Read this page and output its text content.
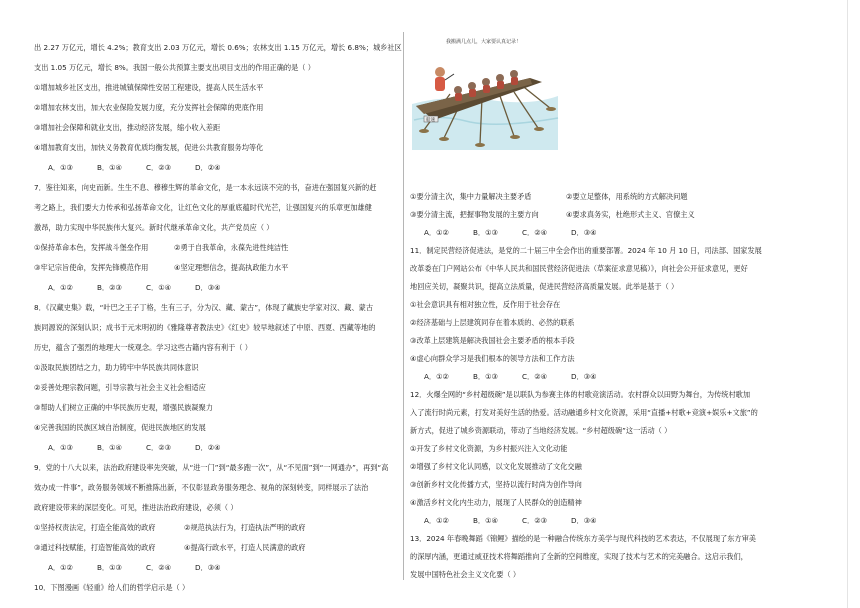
出 2.27 万亿元，增长 4.2%；教育支出 2.03 万亿元，增长 0.6%；农林支出 1.15 万亿元，增长 6.8%；城乡社区
支出 1.05 万亿元，增长 8%。我国一般公共预算主要支出项目支出的作用正确的是（ ）
①增加城乡社区支出，推进城镇保障性安居工程建设，提高人民生活水平
②增加农林支出，加大农业保险发展力度，充分发挥社会保障的兜底作用
③增加社会保障和就业支出，推动经济发展，缩小收入差距
④增加教育支出，加快义务教育优质均衡发展，促进公共教育服务均等化
A．①③	B．①④	C．②③	D．②④
7．鉴往知来，向史而新。生生不息、穆穆生辉的革命文化，是一本永远读不完的书，奋进在强国复兴新的赶
考之路上，我们要大力传承和弘扬革命文化，让红色文化的厚重底蕴时代光芒，让强国复兴的乐章更加雄健
激昂，助力实现中华民族伟大复兴。新时代继承革命文化，共产党员应（ ）
①保持革命本色，发挥战斗堡垒作用	②勇于自我革命，永葆先进性纯洁性
③牢记宗旨使命，发挥先锋模范作用	④坚定理想信念，提高执政能力水平
A．①②	B．②③	C．①④	D．③④
8．《汉藏史集》载，“叶巴之王子丁格，生有三子，分为汉、藏、蒙古”，体现了藏族史学家对汉、藏、蒙古
族同源说的深刻认识；成书于元末明初的《雅隆尊者教法史》《红史》较早地叙述了中原、西夏、西藏等地的
历史，蕴含了强烈的地理大一统观念。学习这些古籍内容有利于（ ）
①汲取民族团结之力，助力铸牢中华民族共同体意识
②妥善处理宗教问题，引导宗教与社会主义社会相适应
③帮助人们树立正确的中华民族历史观，增强民族凝聚力
④完善我国的民族区域自治制度，促进民族地区的发展
A．①③	B．①④	C．②③	D．②④
9．党的十八大以来，法治政府建设率先突破，从“进一门”到“最多跑一次”，从“不见面”到“一网通办”，再到“高
效办成一件事”，政务服务领域不断推陈出新，不仅彰显政务服务理念、视角的深刻转变，同样展示了法治
政府建设带来的深层变化。可见，推进法治政府建设，必须（ ）
①坚持权责法定，打造全能高效的政府	②规范执法行为，打造执法严明的政府
③通过科技赋能，打造智能高效的政府	④提高行政水平，打造人民满意的政府
A．①②	B．①③	C．②④	D．③④
10．下图漫画《轻重》给人们的哲学启示是（ ）
我搬满几点儿，大家要认真记录！
船速
①要分清主次，集中力量解决主要矛盾	②要立足整体，用系统的方式解决问题
③要分清主流，把握事物发展的主要方向	④要求真务实，杜绝形式主义、官僚主义
A．①②	B．①③	C．②④	D．③④
11．制定民营经济促进法，是党的二十届三中全会作出的重要部署。2024 年 10 月 10 日，司法部、国家发展
改革委在门户网站公布《中华人民共和国民营经济促进法（草案征求意见稿）》，向社会公开征求意见，更好
地回应关切，凝聚共识，提高立法质量，促进民营经济高质量发展。此举是基于（ ）
①社会意识具有相对独立性，反作用于社会存在
②经济基础与上层建筑同存在着本质的、必然的联系
③改革上层建筑是解决我国社会主要矛盾的根本手段
④虚心向群众学习是我们根本的领导方法和工作方法
A．①②	B．①③	C．②④	D．③④
12．火爆全网的“乡村超级碗”是以联队为参赛主体的村歌竞演活动。农村群众以田野为舞台，为传统村歌加
入了流行时尚元素，打发对美好生活的热爱。活动融通乡村文化资源，采用“直播+村歌+竞演+娱乐+文旅”的
新方式，促进了城乡资源联动，带动了当地经济发展。“乡村超级碗”这一活动（ ）
①开发了乡村文化资源，为乡村振兴注入文化动能
②增强了乡村文化认同感，以文化发展推动了文化交融
③创新乡村文化传播方式，坚持以流行时尚为创作导向
④激活乡村文化内生动力，展现了人民群众的创造精神
A．①②	B．①④	C．②③	D．③④
13．2024 年春晚舞蹈《锦鲤》描绘的是一种融合传统东方美学与现代科技的艺术表达，不仅展现了东方审美
的深厚内涵，更通过威亚技术将舞蹈推向了全新的空间维度，实现了技术与艺术的完美融合。这启示我们，
发展中国特色社会主义文化要（ ）
